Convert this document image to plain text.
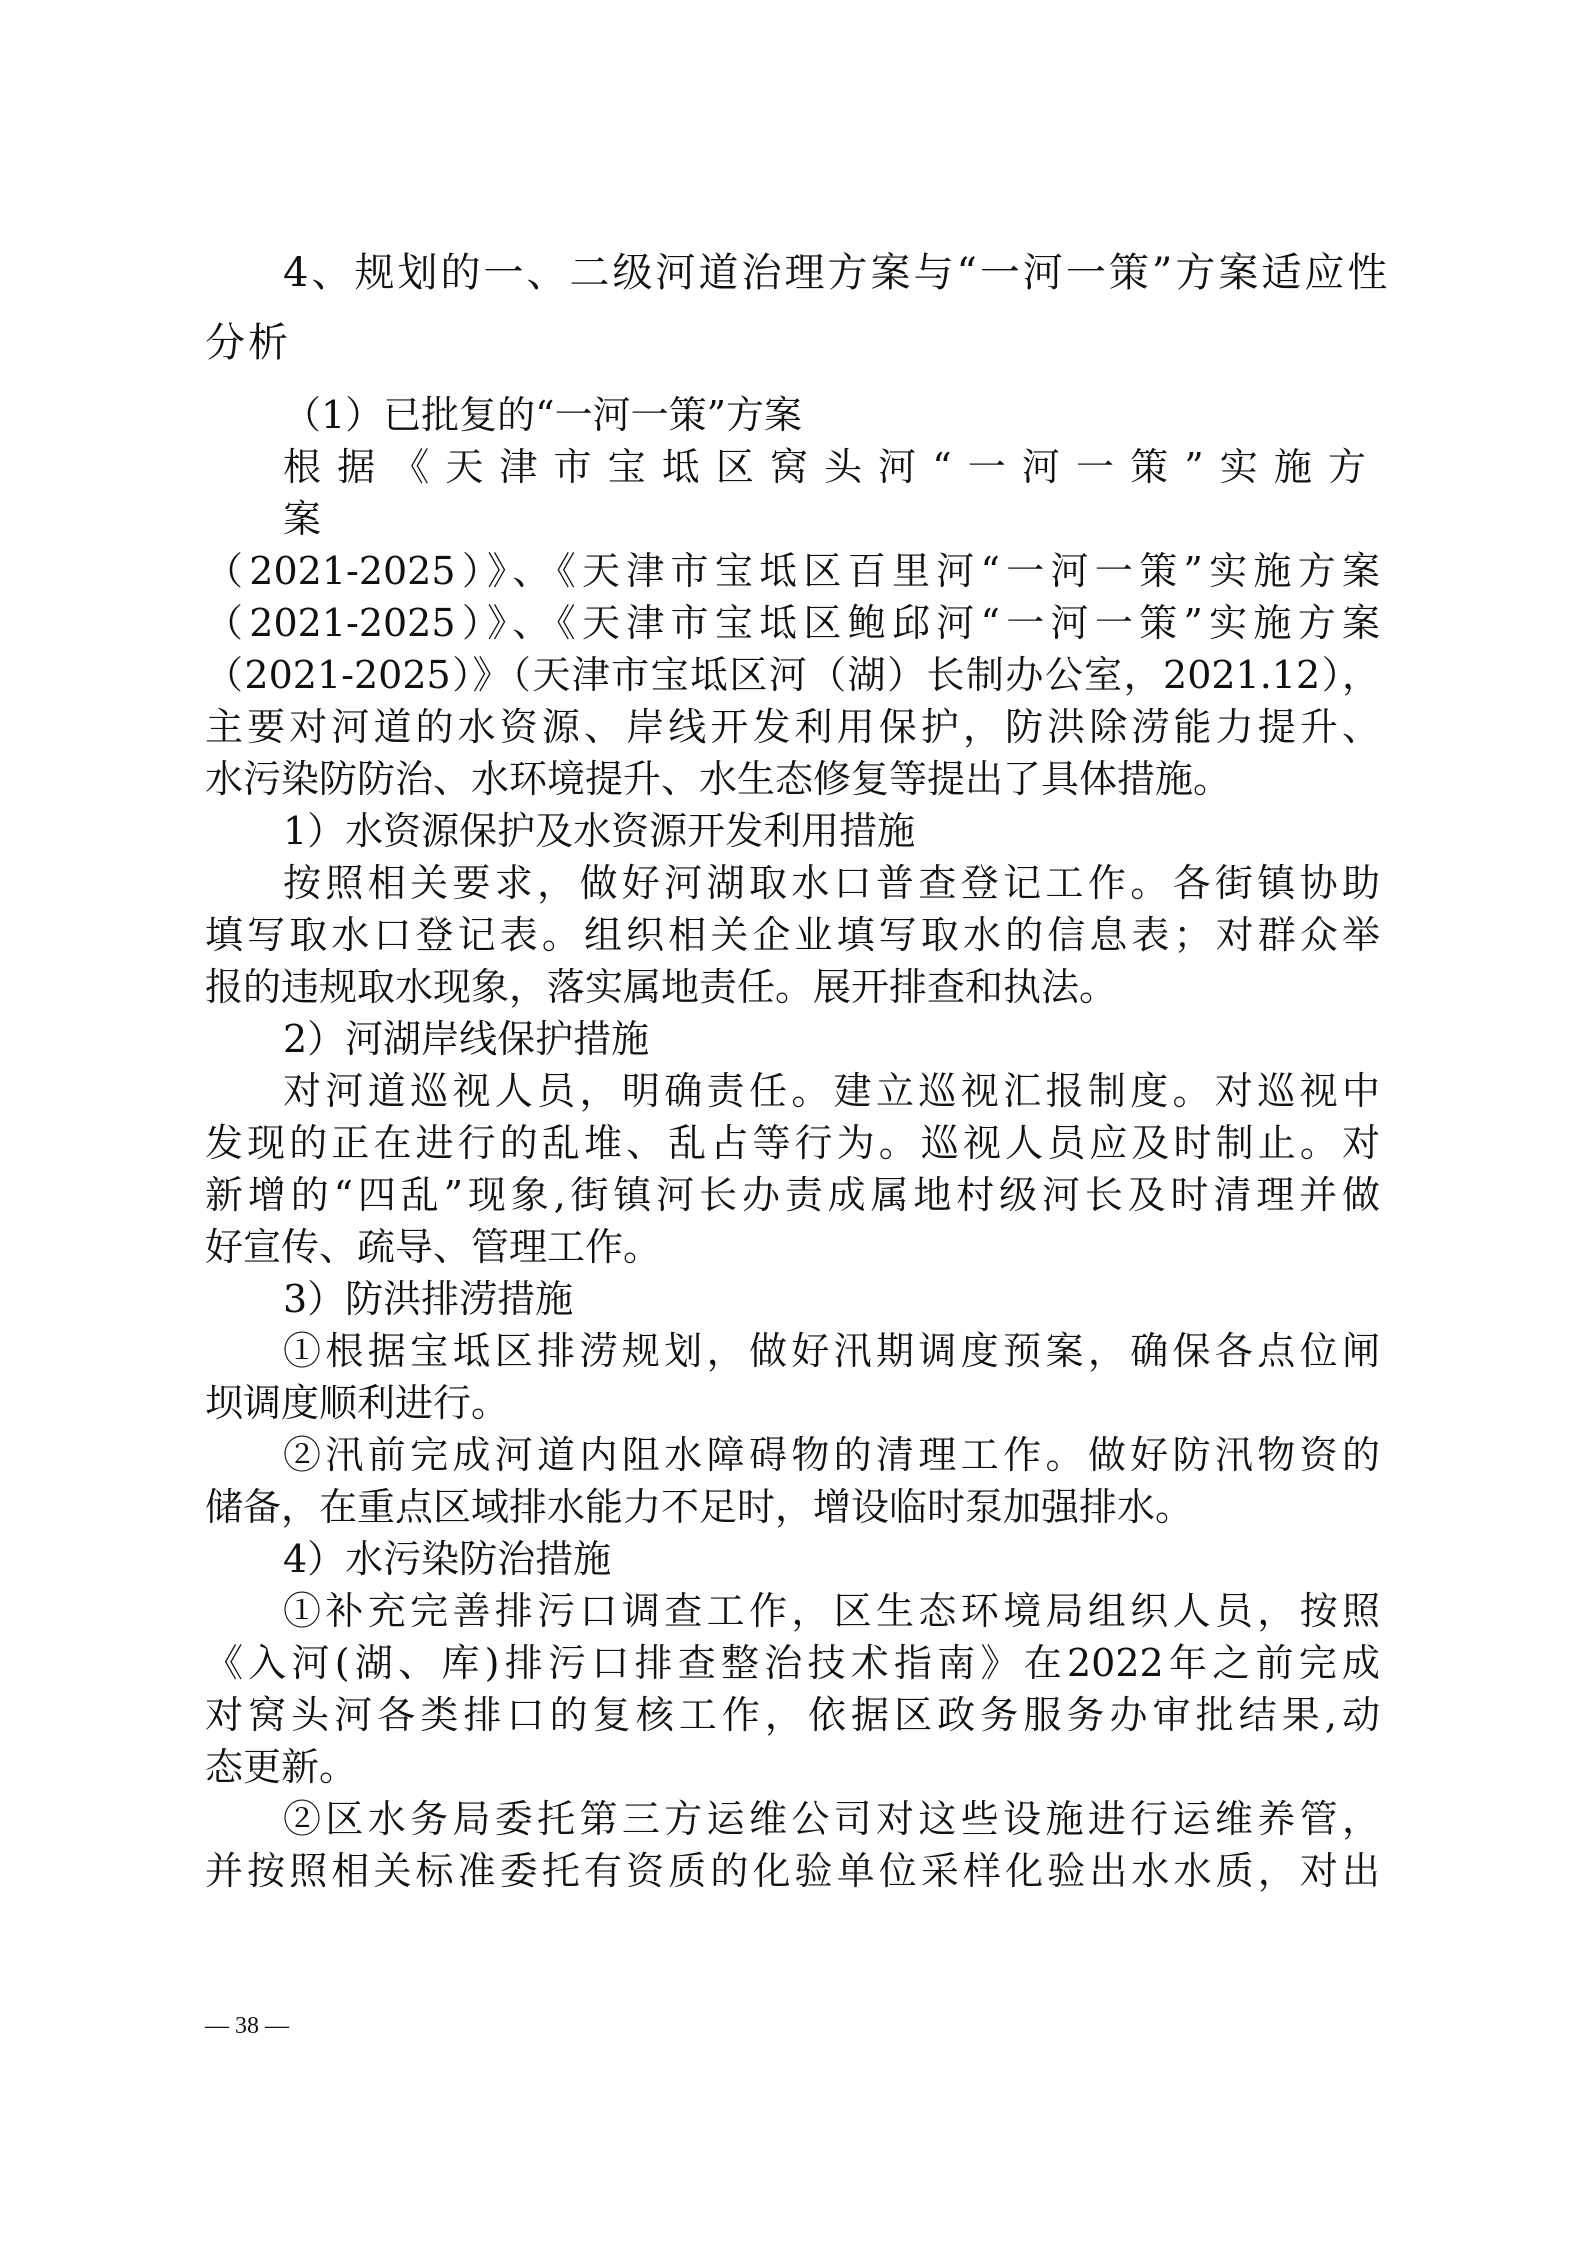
4、规划的一、二级河道治理方案与“一河一策”方案适应性
分析
（1）已批复的“一河一策”方案

根据《天津市宝坻区窝头河“一河一策”实施方案

（2021-2025）》、《天津市宝坻区百里河“一河一策”实施方案

（2021-2025）》、《天津市宝坻区鲍邱河“一河一策”实施方案

（2021-2025）》（天津市宝坻区河（湖）长制办公室，2021.12），

主要对河道的水资源、岸线开发利用保护，防洪除涝能力提升、

水污染防防治、水环境提升、水生态修复等提出了具体措施。

1）水资源保护及水资源开发利用措施

按照相关要求，做好河湖取水口普查登记工作。各街镇协助

填写取水口登记表。组织相关企业填写取水的信息表；对群众举

报的违规取水现象，落实属地责任。展开排查和执法。

2）河湖岸线保护措施

对河道巡视人员，明确责任。建立巡视汇报制度。对巡视中

发现的正在进行的乱堆、乱占等行为。巡视人员应及时制止。对

新增的“四乱”现象,街镇河长办责成属地村级河长及时清理并做

好宣传、疏导、管理工作。

3）防洪排涝措施

①根据宝坻区排涝规划，做好汛期调度预案，确保各点位闸

坝调度顺利进行。

②汛前完成河道内阻水障碍物的清理工作。做好防汛物资的

储备，在重点区域排水能力不足时，增设临时泵加强排水。

4）水污染防治措施

①补充完善排污口调查工作，区生态环境局组织人员，按照

《入河(湖、库)排污口排查整治技术指南》在2022年之前完成

对窝头河各类排口的复核工作，依据区政务服务办审批结果,动

态更新。

②区水务局委托第三方运维公司对这些设施进行运维养管，

并按照相关标准委托有资质的化验单位采样化验出水水质，对出

— 38 —
